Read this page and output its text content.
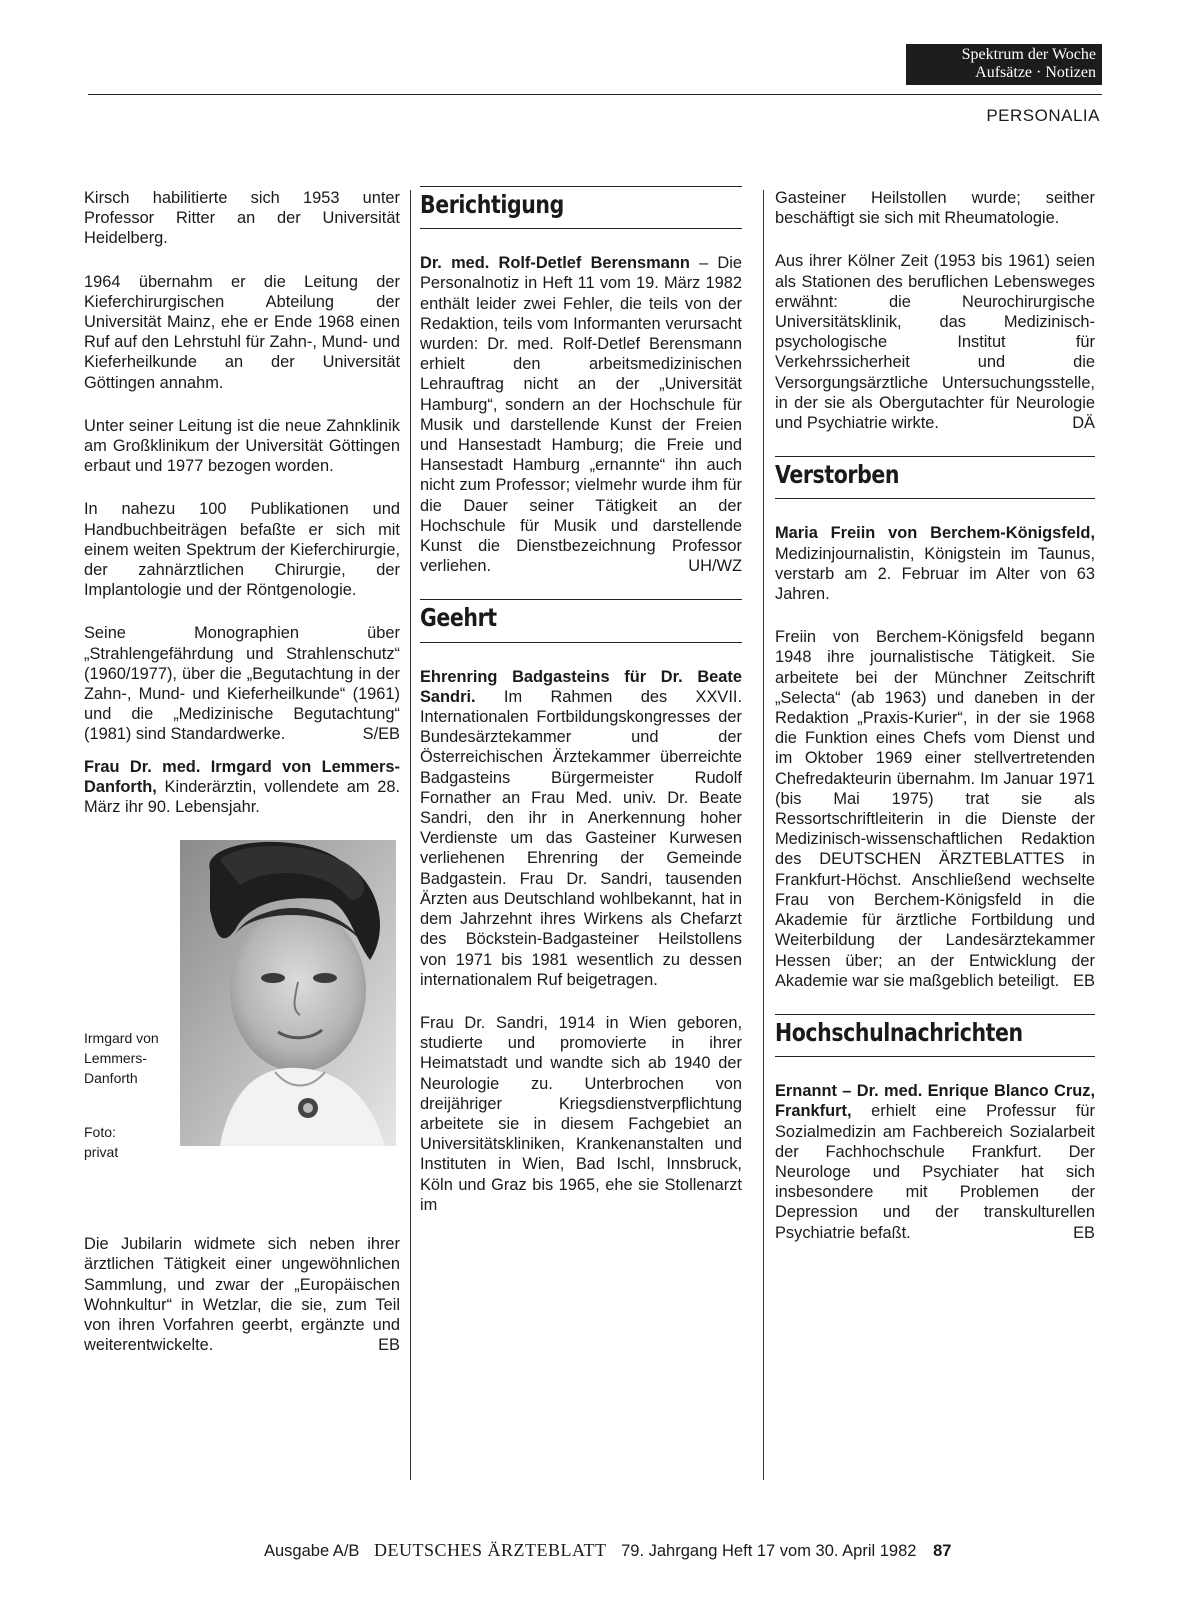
Spektrum der Woche
Aufsätze · Notizen
PERSONALIA

Kirsch habilitierte sich 1953 unter Professor Ritter an der Universität Heidelberg.

1964 übernahm er die Leitung der Kieferchirurgischen Abteilung der Universität Mainz, ehe er Ende 1968 einen Ruf auf den Lehrstuhl für Zahn-, Mund- und Kieferheilkunde an der Universität Göttingen annahm.

Unter seiner Leitung ist die neue Zahnklinik am Großklinikum der Universität Göttingen erbaut und 1977 bezogen worden.

In nahezu 100 Publikationen und Handbuchbeiträgen befaßte er sich mit einem weiten Spektrum der Kieferchirurgie, der zahnärztlichen Chirurgie, der Implantologie und der Röntgenologie.

Seine Monographien über „Strahlengefährdung und Strahlenschutz“ (1960/1977), über die „Begutachtung in der Zahn-, Mund- und Kieferheilkunde“ (1961) und die „Medizinische Begutachtung“ (1981) sind Standardwerke.	S/EB

Frau Dr. med. Irmgard von Lemmers-Danforth, Kinderärztin, vollendete am 28. März ihr 90. Lebensjahr.

Irmgard von Lemmers-Danforth
Foto: privat

Die Jubilarin widmete sich neben ihrer ärztlichen Tätigkeit einer ungewöhnlichen Sammlung, und zwar der „Europäischen Wohnkultur“ in Wetzlar, die sie, zum Teil von ihren Vorfahren geerbt, ergänzte und weiterentwickelte.	EB

Berichtigung

Dr. med. Rolf-Detlef Berensmann – Die Personalnotiz in Heft 11 vom 19. März 1982 enthält leider zwei Fehler, die teils von der Redaktion, teils vom Informanten verursacht wurden: Dr. med. Rolf-Detlef Berensmann erhielt den arbeitsmedizinischen Lehrauftrag nicht an der „Universität Hamburg“, sondern an der Hochschule für Musik und darstellende Kunst der Freien und Hansestadt Hamburg; die Freie und Hansestadt Hamburg „ernannte“ ihn auch nicht zum Professor; vielmehr wurde ihm für die Dauer seiner Tätigkeit an der Hochschule für Musik und darstellende Kunst die Dienstbezeichnung Professor verliehen.	UH/WZ

Geehrt

Ehrenring Badgasteins für Dr. Beate Sandri. Im Rahmen des XXVII. Internationalen Fortbildungskongresses der Bundesärztekammer und der Österreichischen Ärztekammer überreichte Badgasteins Bürgermeister Rudolf Fornather an Frau Med. univ. Dr. Beate Sandri, den ihr in Anerkennung hoher Verdienste um das Gasteiner Kurwesen verliehenen Ehrenring der Gemeinde Badgastein. Frau Dr. Sandri, tausenden Ärzten aus Deutschland wohlbekannt, hat in dem Jahrzehnt ihres Wirkens als Chefarzt des Böckstein-Badgasteiner Heilstollens von 1971 bis 1981 wesentlich zu dessen internationalem Ruf beigetragen.

Frau Dr. Sandri, 1914 in Wien geboren, studierte und promovierte in ihrer Heimatstadt und wandte sich ab 1940 der Neurologie zu. Unterbrochen von dreijähriger Kriegsdienstverpflichtung arbeitete sie in diesem Fachgebiet an Universitätskliniken, Krankenanstalten und Instituten in Wien, Bad Ischl, Innsbruck, Köln und Graz bis 1965, ehe sie Stollenarzt im

Gasteiner Heilstollen wurde; seither beschäftigt sie sich mit Rheumatologie.

Aus ihrer Kölner Zeit (1953 bis 1961) seien als Stationen des beruflichen Lebensweges erwähnt: die Neurochirurgische Universitätsklinik, das Medizinisch-psychologische Institut für Verkehrssicherheit und die Versorgungsärztliche Untersuchungsstelle, in der sie als Obergutachter für Neurologie und Psychiatrie wirkte.	DÄ

Verstorben

Maria Freiin von Berchem-Königsfeld, Medizinjournalistin, Königstein im Taunus, verstarb am 2. Februar im Alter von 63 Jahren.

Freiin von Berchem-Königsfeld begann 1948 ihre journalistische Tätigkeit. Sie arbeitete bei der Münchner Zeitschrift „Selecta“ (ab 1963) und daneben in der Redaktion „Praxis-Kurier“, in der sie 1968 die Funktion eines Chefs vom Dienst und im Oktober 1969 einer stellvertretenden Chefredakteurin übernahm. Im Januar 1971 (bis Mai 1975) trat sie als Ressortschriftleiterin in die Dienste der Medizinisch-wissenschaftlichen Redaktion des DEUTSCHEN ÄRZTEBLATTES in Frankfurt-Höchst. Anschließend wechselte Frau von Berchem-Königsfeld in die Akademie für ärztliche Fortbildung und Weiterbildung der Landesärztekammer Hessen über; an der Entwicklung der Akademie war sie maßgeblich beteiligt. EB

Hochschulnachrichten

Ernannt – Dr. med. Enrique Blanco Cruz, Frankfurt, erhielt eine Professur für Sozialmedizin am Fachbereich Sozialarbeit der Fachhochschule Frankfurt. Der Neurologe und Psychiater hat sich insbesondere mit Problemen der Depression und der transkulturellen Psychiatrie befaßt.	EB

Ausgabe A/B DEUTSCHES ÄRZTEBLATT 79. Jahrgang Heft 17 vom 30. April 1982 87
